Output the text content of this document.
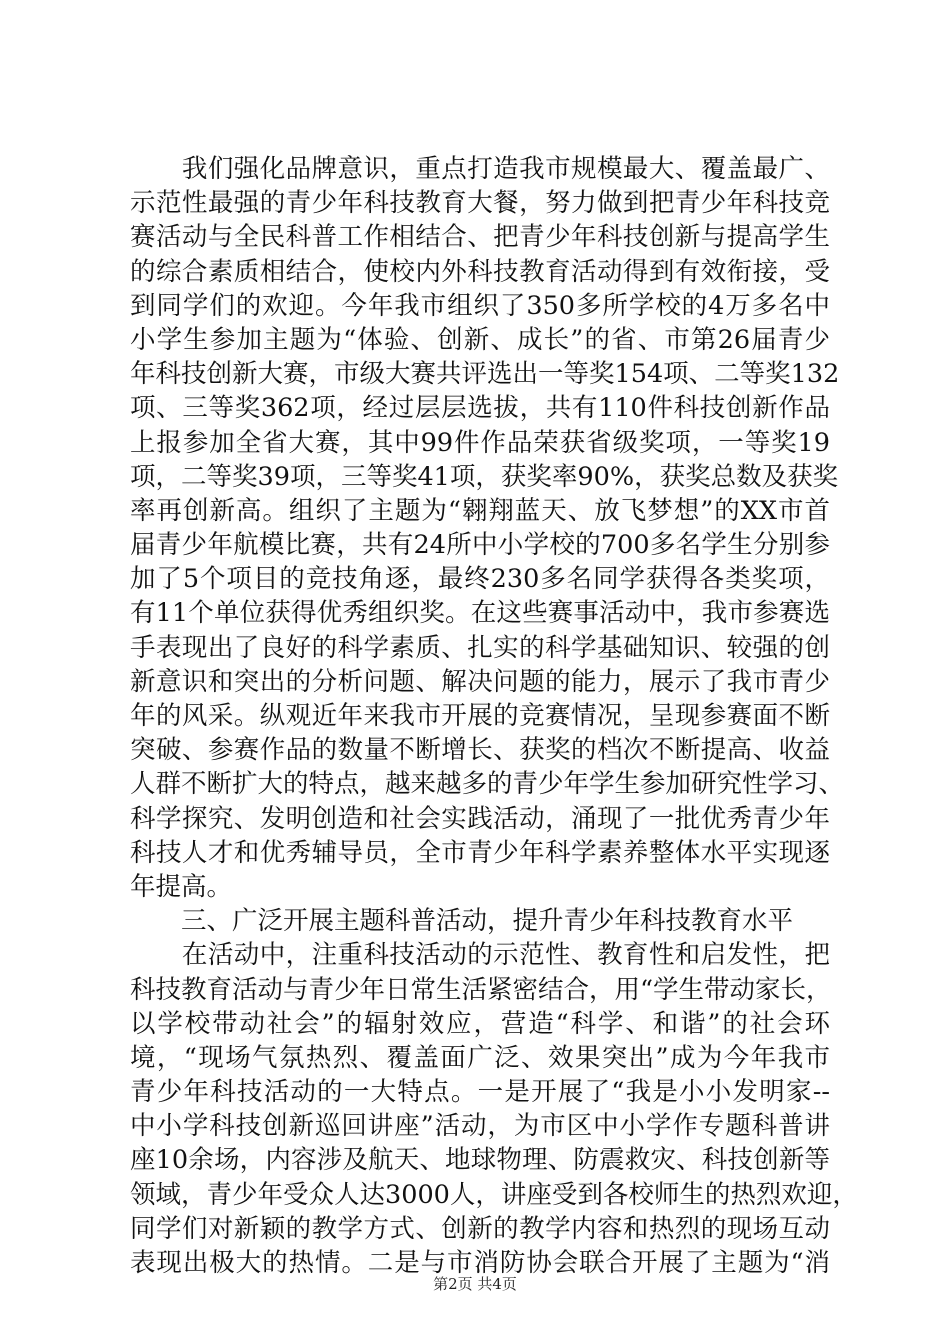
　　我们强化品牌意识，重点打造我市规模最大、覆盖最广、
示范性最强的青少年科技教育大餐，努力做到把青少年科技竞
赛活动与全民科普工作相结合、把青少年科技创新与提高学生
的综合素质相结合，使校内外科技教育活动得到有效衔接，受
到同学们的欢迎。今年我市组织了350多所学校的4万多名中
小学生参加主题为“体验、创新、成长”的省、市第26届青少
年科技创新大赛，市级大赛共评选出一等奖154项、二等奖132
项、三等奖362项，经过层层选拔，共有110件科技创新作品
上报参加全省大赛，其中99件作品荣获省级奖项，一等奖19
项，二等奖39项，三等奖41项，获奖率90%，获奖总数及获奖
率再创新高。组织了主题为“翱翔蓝天、放飞梦想”的XX市首
届青少年航模比赛，共有24所中小学校的700多名学生分别参
加了5个项目的竞技角逐，最终230多名同学获得各类奖项，
有11个单位获得优秀组织奖。在这些赛事活动中，我市参赛选
手表现出了良好的科学素质、扎实的科学基础知识、较强的创
新意识和突出的分析问题、解决问题的能力，展示了我市青少
年的风采。纵观近年来我市开展的竞赛情况，呈现参赛面不断
突破、参赛作品的数量不断增长、获奖的档次不断提高、收益
人群不断扩大的特点，越来越多的青少年学生参加研究性学习、
科学探究、发明创造和社会实践活动，涌现了一批优秀青少年
科技人才和优秀辅导员，全市青少年科学素养整体水平实现逐
年提高。
　　三、广泛开展主题科普活动，提升青少年科技教育水平
　　在活动中，注重科技活动的示范性、教育性和启发性，把
科技教育活动与青少年日常生活紧密结合，用“学生带动家长，
以学校带动社会”的辐射效应，营造“科学、和谐”的社会环
境，“现场气氛热烈、覆盖面广泛、效果突出”成为今年我市
青少年科技活动的一大特点。一是开展了“我是小小发明家--
中小学科技创新巡回讲座”活动，为市区中小学作专题科普讲
座10余场，内容涉及航天、地球物理、防震救灾、科技创新等
领域，青少年受众人达3000人，讲座受到各校师生的热烈欢迎，
同学们对新颖的教学方式、创新的教学内容和热烈的现场互动
表现出极大的热情。二是与市消防协会联合开展了主题为“消
第2页 共4页
